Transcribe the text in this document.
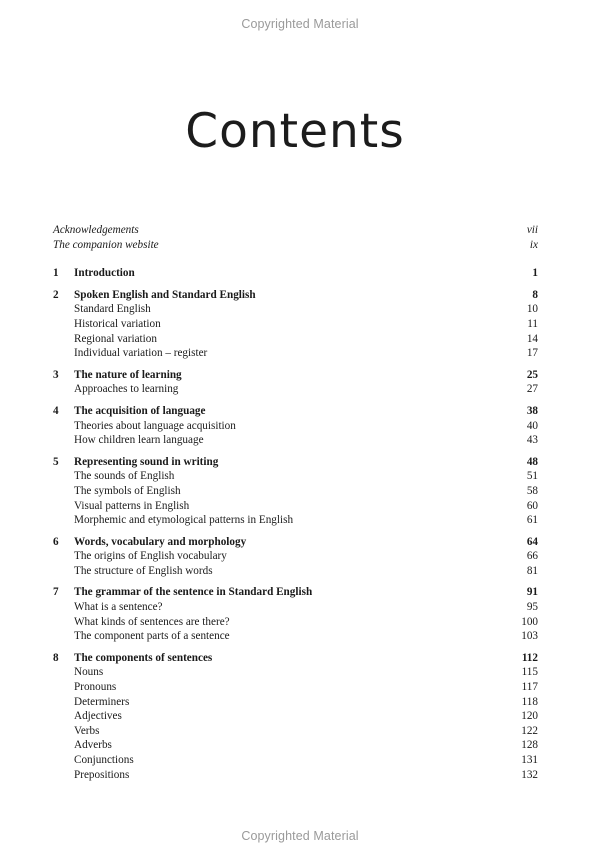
Copyrighted Material
Contents
Acknowledgements	vii
The companion website	ix
1 Introduction	1
2 Spoken English and Standard English	8
Standard English	10
Historical variation	11
Regional variation	14
Individual variation – register	17
3 The nature of learning	25
Approaches to learning	27
4 The acquisition of language	38
Theories about language acquisition	40
How children learn language	43
5 Representing sound in writing	48
The sounds of English	51
The symbols of English	58
Visual patterns in English	60
Morphemic and etymological patterns in English	61
6 Words, vocabulary and morphology	64
The origins of English vocabulary	66
The structure of English words	81
7 The grammar of the sentence in Standard English	91
What is a sentence?	95
What kinds of sentences are there?	100
The component parts of a sentence	103
8 The components of sentences	112
Nouns	115
Pronouns	117
Determiners	118
Adjectives	120
Verbs	122
Adverbs	128
Conjunctions	131
Prepositions	132
Copyrighted Material
